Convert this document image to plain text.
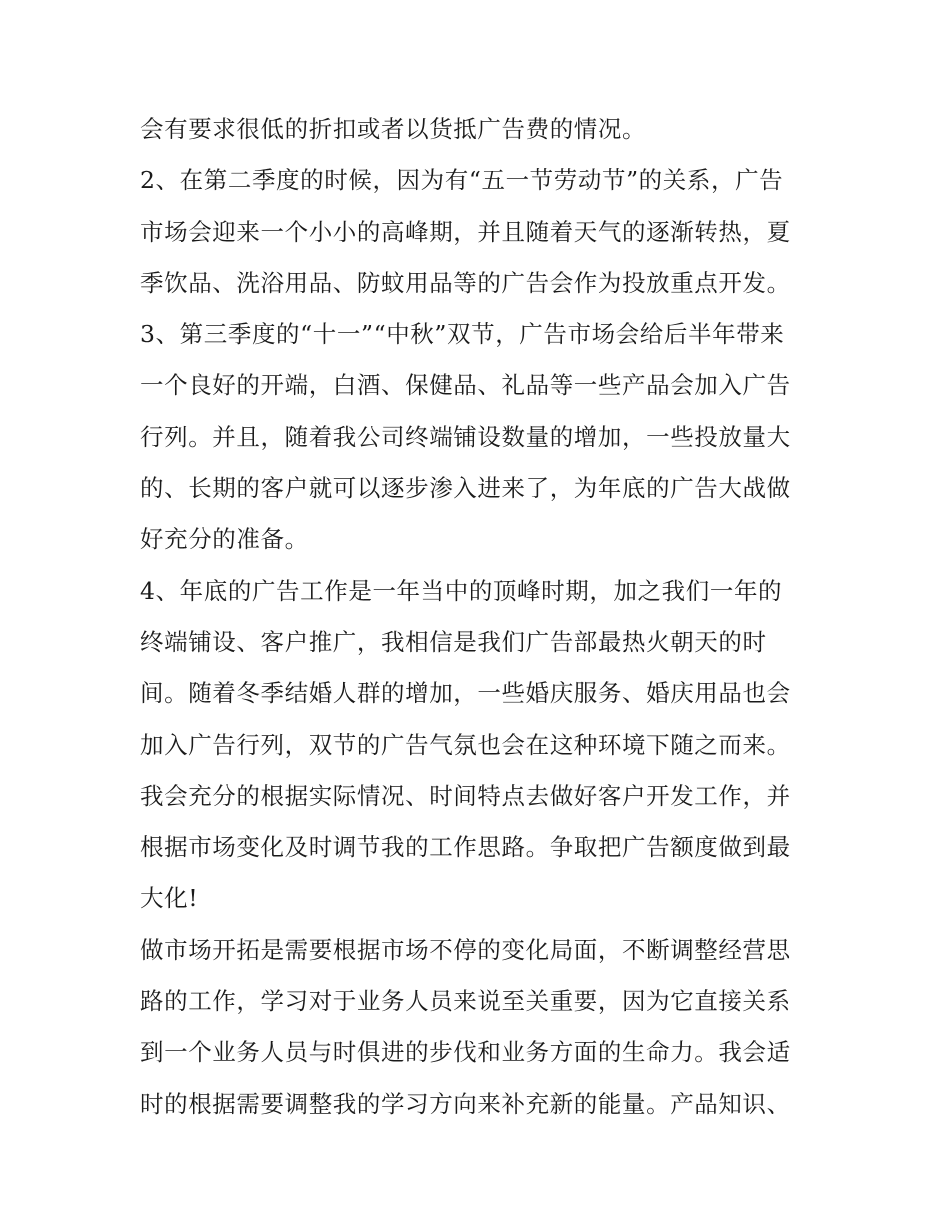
会有要求很低的折扣或者以货抵广告费的情况。
2、在第二季度的时候，因为有“五一节劳动节”的关系，广告
市场会迎来一个小小的高峰期，并且随着天气的逐渐转热，夏
季饮品、洗浴用品、防蚊用品等的广告会作为投放重点开发。
3、第三季度的“十一”“中秋”双节，广告市场会给后半年带来
一个良好的开端，白酒、保健品、礼品等一些产品会加入广告
行列。并且，随着我公司终端铺设数量的增加，一些投放量大
的、长期的客户就可以逐步渗入进来了，为年底的广告大战做
好充分的准备。
4、年底的广告工作是一年当中的顶峰时期，加之我们一年的
终端铺设、客户推广，我相信是我们广告部最热火朝天的时
间。随着冬季结婚人群的增加，一些婚庆服务、婚庆用品也会
加入广告行列，双节的广告气氛也会在这种环境下随之而来。
我会充分的根据实际情况、时间特点去做好客户开发工作，并
根据市场变化及时调节我的工作思路。争取把广告额度做到最
大化!
做市场开拓是需要根据市场不停的变化局面，不断调整经营思
路的工作，学习对于业务人员来说至关重要，因为它直接关系
到一个业务人员与时俱进的步伐和业务方面的生命力。我会适
时的根据需要调整我的学习方向来补充新的能量。产品知识、
